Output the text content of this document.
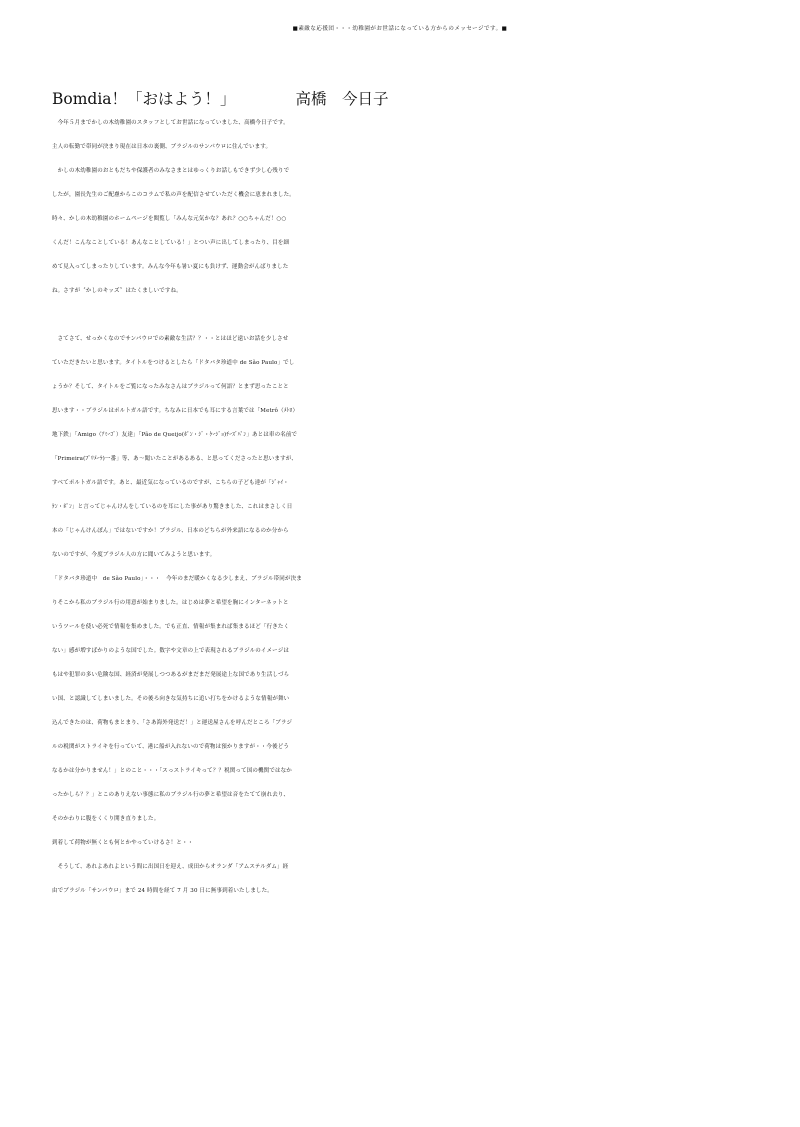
■素敵な応援団・・・幼稚園がお世話になっている方からのメッセージです。■
Bomdia！「おはよう！」	高橋　今日子
　今年５月までかしの木幼稚園のスタッフとしてお世話になっていました、高橋今日子です。
主人の転勤で帯同が決まり現在は日本の裏側、ブラジルのサンパウロに住んでいます。
　かしの木幼稚園のおともだちや保護者のみなさまとはゆっくりお話しもできず少し心残りで
したが，園長先生のご配慮からこのコラムで私の声を配信させていただく機会に恵まれました。
時々、かしの木幼稚園のホームページを閲覧し「みんな元気かな？あれ？○○ちゃんだ！○○
くんだ！こんなことしている！あんなことしている！」とつい声に出してしまったり、目を細
めて見入ってしまったりしています。みんな今年も暑い夏にも負けず、運動会がんばりました
ね。さすが〝かしのキッズ〞はたくましいですね。
　さてさて、せっかくなのでサンパウロでの素敵な生活？？・・とはほど遠いお話を少しさせ
ていただきたいと思います。タイトルをつけるとしたら「ドタバタ珍道中 de São Paulo」でし
ょうか？そして、タイトルをご覧になったみなさんはブラジルって何語？とまず思ったことと
思います・・ブラジルはポルトガル語です。ちなみに日本でも耳にする言葉では「Metrô（ﾒﾄﾛ）
地下鉄」「Amigo（ｱﾐｰｺﾞ）友達」「Pão de Queijo(ﾎﾟﾝ・ｼﾞ・ｹｰｼﾞｮ)ﾁｰｽﾞﾊﾟﾝ」あとは車の名前で
「Primeira(ﾌﾟﾘﾒｰﾗ)一番」等、あ～聞いたことがあるある、と思ってくださったと思いますが、
すべてポルトガル語です。あと、最近気になっているのですが、こちらの子ども達が「ｼﾞｬｲ・
ｹﾝ・ﾎﾟﾝ」と言ってじゃんけんをしているのを耳にした事があり驚きました、これはまさしく日
本の「じゃんけんぽん」ではないですか！ブラジル、日本のどちらが外来語になるのか分から
ないのですが、今度ブラジル人の方に聞いてみようと思います。
「ドタバタ珍道中　de São Paulo」・・・　今年のまだ暖かくなる少しまえ、ブラジル帯同が決ま
りそこから私のブラジル行の用意が始まりました。はじめは夢と希望を胸にインターネットと
いうツールを使い必死で情報を集めました。でも正直、情報が集まれば集まるほど「行きたく
ない」感が増すばかりのような国でした。数字や文章の上で表現されるブラジルのイメージは
もはや犯罪の多い危険な国、経済が発展しつつあるがまだまだ発展途上な国であり生活しづら
い国、と認識してしまいました。その後ろ向きな気持ちに追い打ちをかけるような情報が舞い
込んできたのは、荷物もまとまり、「さあ海外発送だ！」と運送屋さんを呼んだところ「ブラジ
ルの税関がストライキを行っていて、港に船が入れないので荷物は預かりますが・・今後どう
なるかは分かりません！」とのこと・・・「スっストライキって？？税関って国の機関ではなか
ったかしら？？」とこのありえない事態に私のブラジル行の夢と希望は音をたてて崩れ去り、
そのかわりに腹をくくり開き直りました。
到着して荷物が無くとも何とかやっていけるさ！と・・
　そうして、あれよあれよという間に出国日を迎え、成田からオランダ「アムステルダム」経
由でブラジル「サンパウロ」まで 24 時間を経て 7 月 30 日に無事到着いたしました。
